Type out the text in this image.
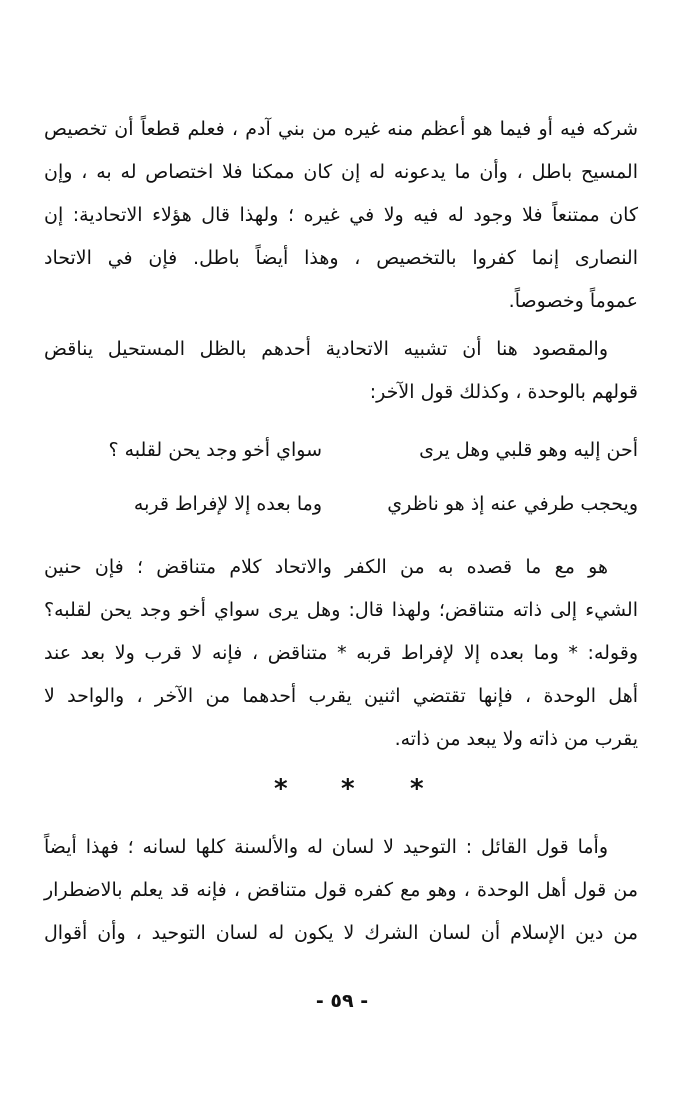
شركه فيه أو فيما هو أعظم منه غيره من بني آدم ، فعلم قطعاً أن تخصيص
المسيح باطل ، وأن ما يدعونه له إن كان ممكنا فلا اختصاص له به ، وإن
كان ممتنعاً فلا وجود له فيه ولا في غيره ؛ ولهذا قال هؤلاء الاتحادية: إن
النصارى إنما كفروا بالتخصيص ، وهذا أيضاً باطل. فإن في الاتحاد
عموماً وخصوصاً.
والمقصود هنا أن تشبيه الاتحادية أحدهم بالظل المستحيل يناقض
قولهم بالوحدة ، وكذلك قول الآخر:
أحن إليه وهو قلبي وهل يرى
سواي أخو وجد يحن لقلبه ؟
ويحجب طرفي عنه إذ هو ناظري
وما بعده إلا لإفراط قربه
هو مع ما قصده به من الكفر والاتحاد كلام متناقض ؛ فإن حنين
الشيء إلى ذاته متناقض؛ ولهذا قال: وهل يرى سواي أخو وجد يحن لقلبه؟
وقوله: * وما بعده إلا لإفراط قربه * متناقض ، فإنه لا قرب ولا بعد عند
أهل الوحدة ، فإنها تقتضي اثنين يقرب أحدهما من الآخر ، والواحد لا
يقرب من ذاته ولا يبعد من ذاته.
*
*
*
وأما قول القائل : التوحيد لا لسان له والألسنة كلها لسانه ؛ فهذا أيضاً
من قول أهل الوحدة ، وهو مع كفره قول متناقض ، فإنه قد يعلم بالاضطرار
من دين الإسلام أن لسان الشرك لا يكون له لسان التوحيد ، وأن أقوال
- ٥٩ -
